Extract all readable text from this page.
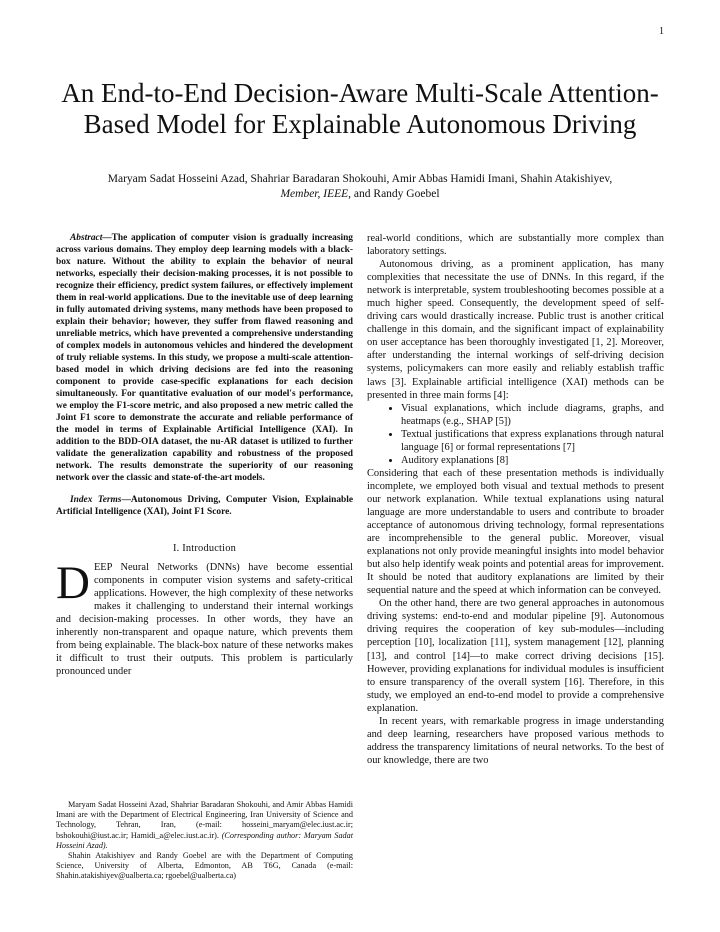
1
An End-to-End Decision-Aware Multi-Scale Attention-Based Model for Explainable Autonomous Driving
Maryam Sadat Hosseini Azad, Shahriar Baradaran Shokouhi, Amir Abbas Hamidi Imani, Shahin Atakishiyev,
Member, IEEE, and Randy Goebel

Abstract—The application of computer vision is gradually increasing across various domains. They employ deep learning models with a black-box nature. Without the ability to explain the behavior of neural networks, especially their decision-making processes, it is not possible to recognize their efficiency, predict system failures, or effectively implement them in real-world applications. Due to the inevitable use of deep learning in fully automated driving systems, many methods have been proposed to explain their behavior; however, they suffer from flawed reasoning and unreliable metrics, which have prevented a comprehensive understanding of complex models in autonomous vehicles and hindered the development of truly reliable systems. In this study, we propose a multi-scale attention-based model in which driving decisions are fed into the reasoning component to provide case-specific explanations for each decision simultaneously. For quantitative evaluation of our model's performance, we employ the F1-score metric, and also proposed a new metric called the Joint F1 score to demonstrate the accurate and reliable performance of the model in terms of Explainable Artificial Intelligence (XAI). In addition to the BDD-OIA dataset, the nu-AR dataset is utilized to further validate the generalization capability and robustness of the proposed network. The results demonstrate the superiority of our reasoning network over the classic and state-of-the-art models.

Index Terms—Autonomous Driving, Computer Vision, Explainable Artificial Intelligence (XAI), Joint F1 Score.

I. Introduction

DEEP Neural Networks (DNNs) have become essential components in computer vision systems and safety-critical applications. However, the high complexity of these networks makes it challenging to understand their internal workings and decision-making processes. In other words, they have an inherently non-transparent and opaque nature, which prevents them from being explainable. The black-box nature of these networks makes it difficult to trust their outputs. This problem is particularly pronounced under

Maryam Sadat Hosseini Azad, Shahriar Baradaran Shokouhi, and Amir Abbas Hamidi Imani are with the Department of Electrical Engineering, Iran University of Science and Technology, Tehran, Iran, (e-mail: hosseini_maryam@elec.iust.ac.ir; bshokouhi@iust.ac.ir; Hamidi_a@elec.iust.ac.ir). (Corresponding author: Maryam Sadat Hosseini Azad).

Shahin Atakishiyev and Randy Goebel are with the Department of Computing Science, University of Alberta, Edmonton, AB T6G, Canada (e-mail: Shahin.atakishiyev@ualberta.ca; rgoebel@ualberta.ca)

real-world conditions, which are substantially more complex than laboratory settings.

Autonomous driving, as a prominent application, has many complexities that necessitate the use of DNNs. In this regard, if the network is interpretable, system troubleshooting becomes possible at a much higher speed. Consequently, the development speed of self-driving cars would drastically increase. Public trust is another critical challenge in this domain, and the significant impact of explainability on user acceptance has been thoroughly investigated [1, 2]. Moreover, after understanding the internal workings of self-driving decision systems, policymakers can more easily and reliably establish traffic laws [3]. Explainable artificial intelligence (XAI) methods can be presented in three main forms [4]:

• Visual explanations, which include diagrams, graphs, and heatmaps (e.g., SHAP [5])
• Textual justifications that express explanations through natural language [6] or formal representations [7]
• Auditory explanations [8]

Considering that each of these presentation methods is individually incomplete, we employed both visual and textual methods to present our network explanation. While textual explanations using natural language are more understandable to users and contribute to broader acceptance of autonomous driving technology, formal representations are incomprehensible to the general public. Moreover, visual explanations not only provide meaningful insights into model behavior but also help identify weak points and potential areas for improvement. It should be noted that auditory explanations are limited by their sequential nature and the speed at which information can be conveyed.

On the other hand, there are two general approaches in autonomous driving systems: end-to-end and modular pipeline [9]. Autonomous driving requires the cooperation of key sub-modules—including perception [10], localization [11], system management [12], planning [13], and control [14]—to make correct driving decisions [15]. However, providing explanations for individual modules is insufficient to ensure transparency of the overall system [16]. Therefore, in this study, we employed an end-to-end model to provide a comprehensive explanation.

In recent years, with remarkable progress in image understanding and deep learning, researchers have proposed various methods to address the transparency limitations of neural networks. To the best of our knowledge, there are two
